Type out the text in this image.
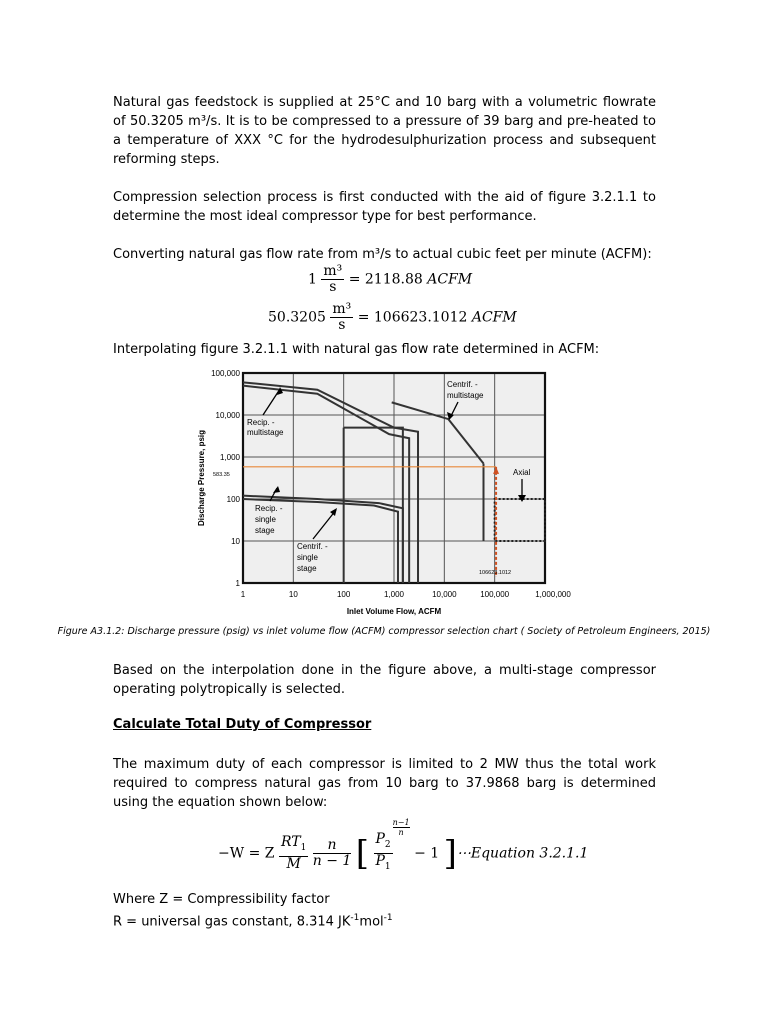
Natural gas feedstock is supplied at 25°C and 10 barg with a volumetric flowrate of 50.3205 m³/s. It is to be compressed to a pressure of 39 barg and pre-heated to a temperature of XXX °C for the hydrodesulphurization process and subsequent reforming steps.
Compression selection process is first conducted with the aid of figure 3.2.1.1 to determine the most ideal compressor type for best performance.
Converting natural gas flow rate from m³/s to actual cubic feet per minute (ACFM):
$1 \frac{\text{m³}}{s} = 2118.88$ ACFM
$50.3205 \frac{\text{m³}}{s} = 106623.1012$ ACFM
Interpolating figure 3.2.1.1 with natural gas flow rate determined in ACFM:
1	10	100	1,000	10,000	100,000	1,000,000
1
10
100
1,000
10,000
100,000
Recip. -
multistage
Recip. -
single
stage
Centrif. -
single
stage
Centrif. -
multistage
Axial
583.35
106623.1012
Inlet Volume Flow, ACFM
Discharge Pressure, psig
Figure A3.1.2: Discharge pressure (psig) vs inlet volume flow (ACFM) compressor selection chart ( Society of Petroleum Engineers, 2015)
Based on the interpolation done in the figure above, a multi-stage compressor operating polytropically is selected.
Calculate Total Duty of Compressor
The maximum duty of each compressor is limited to 2 MW thus the total work required to compress natural gas from 10 barg to 37.9868 barg is determined using the equation shown below:
−W = Z $\frac{RT_1}{M}$
$\frac{n}{n - 1}$ [ $\frac{P_2}{P_1}$
$\frac{n-1}{n}$
− 1 ]⋯Equation 3.2.1.1
Where Z = Compressibility factor
R = universal gas constant, 8.314 $JK^{-1}mol^{-1}$
